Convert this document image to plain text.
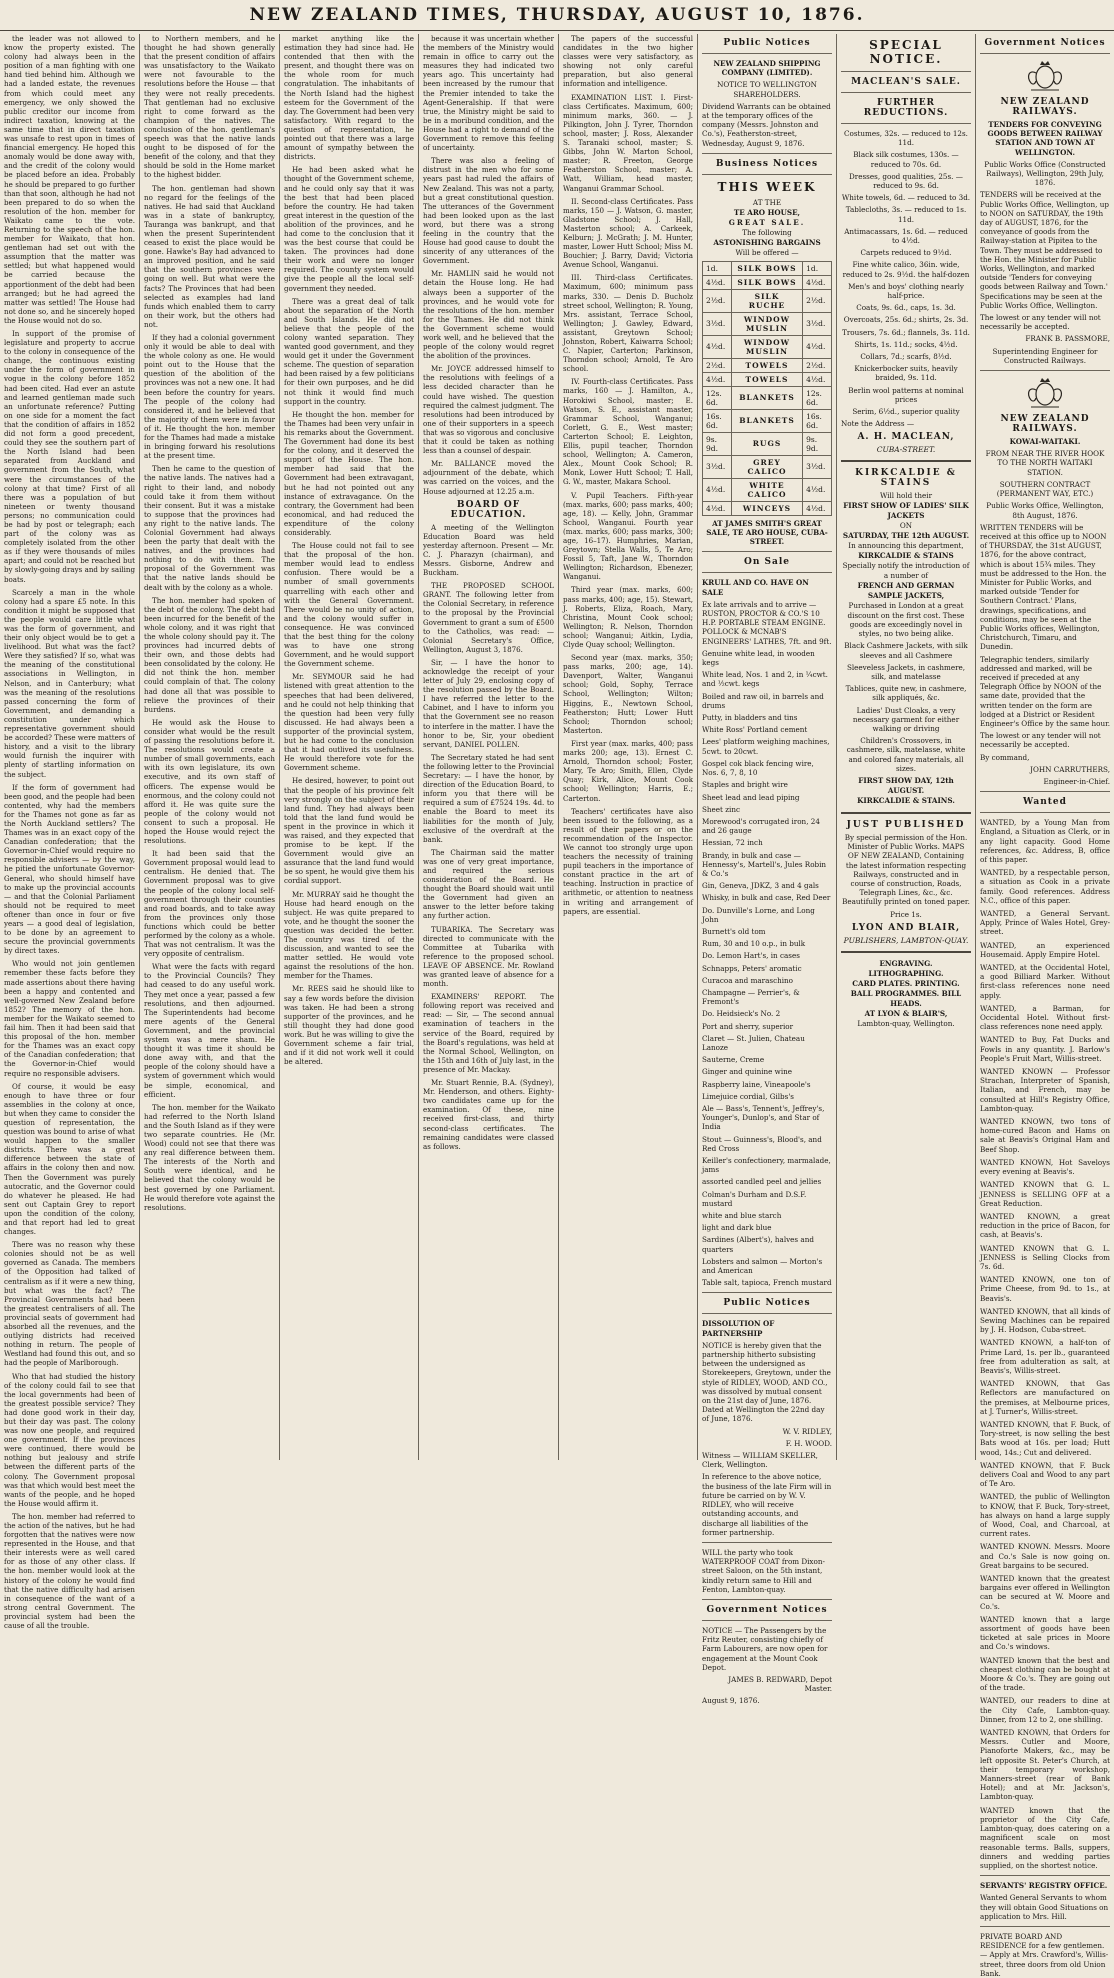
NEW ZEALAND TIMES, THURSDAY, AUGUST 10, 1876.

the leader was not allowed to know the property existed. The colony had always been in the position of a man fighting with one hand tied behind him. Although we had a landed estate, the revenues from which could meet any emergency, we only showed the public creditor our income from indirect taxation, knowing at the same time that in direct taxation was unsafe to rest upon in times of financial emergency. He hoped this anomaly would be done away with, and the credit of the colony would be placed before an idea. Probably he should be prepared to go further than that soon, although he had not been prepared to do so when the resolution of the hon. member for Waikato came to the vote. Returning to the speech of the hon. member for Waikato, that hon. gentleman had set out with the assumption that the matter was settled; but what happened would be carried because the apportionment of the debt had been arranged; but he had agreed the matter was settled! The House had not done so, and he sincerely hoped the House would not do so.

In support of the promise of legislature and property to accrue to the colony in consequence of the change, the continuous existing under the form of government in vogue in the colony before 1852 had been cited. Had ever an astute and learned gentleman made such an unfortunate reference? Putting on one side for a moment the fact that the condition of affairs in 1852 did not form a good precedent, could they see the southern part of the North Island had been separated from Auckland and government from the South, what were the circumstances of the colony at that time? First of all there was a population of but nineteen or twenty thousand persons; no communication could be had by post or telegraph; each part of the colony was as completely isolated from the other as if they were thousands of miles apart; and could not be reached but by slowly-going drays and by sailing boats.

Scarcely a man in the whole colony had a spare £5 note. In this condition it might be supposed that the people would care little what was the form of government, and their only object would be to get a livelihood. But what was the fact? Were they satisfied? If so, what was the meaning of the constitutional associations in Wellington, in Nelson, and in Canterbury; what was the meaning of the resolutions passed concerning the form of Government, and demanding a constitution under which representative government should be accorded? These were matters of history, and a visit to the library would furnish the inquirer with plenty of startling information on the subject.

If the form of government had been good, and the people had been contented, why had the members for the Thames not gone as far as the North Auckland settlers? The Thames was in an exact copy of the Canadian confederation; that the Governor-in-Chief would require no responsible advisers — by the way, he pitied the unfortunate Governor-General, who should himself have to make up the provincial accounts — and that the Colonial Parliament should not be required to meet oftener than once in four or five years — a good deal of legislation, to be done by an agreement to secure the provincial governments by direct taxes.

Who would not join gentlemen remember these facts before they made assertions about there having been a happy and contented and well-governed New Zealand before 1852? The memory of the hon. member for the Waikato seemed to fail him. Then it had been said that this proposal of the hon. member for the Thames was an exact copy of the Canadian confederation; that the Governor-in-Chief would require no responsible advisers.

Of course, it would be easy enough to have three or four assemblies in the colony at once, but when they came to consider the question of representation, the question was bound to arise of what would happen to the smaller districts. There was a great difference between the state of affairs in the colony then and now. Then the Government was purely autocratic, and the Governor could do whatever he pleased. He had sent out Captain Grey to report upon the condition of the colony, and that report had led to great changes.

There was no reason why these colonies should not be as well governed as Canada. The members of the Opposition had talked of centralism as if it were a new thing, but what was the fact? The Provincial Governments had been the greatest centralisers of all. The provincial seats of government had absorbed all the revenues, and the outlying districts had received nothing in return. The people of Westland had found this out, and so had the people of Marlborough.

Who that had studied the history of the colony could fail to see that the local governments had been of the greatest possible service? They had done good work in their day, but their day was past. The colony was now one people, and required one government. If the provinces were continued, there would be nothing but jealousy and strife between the different parts of the colony. The Government proposal was that which would best meet the wants of the people, and he hoped the House would affirm it.

The hon. member had referred to the action of the natives, but he had forgotten that the natives were now represented in the House, and that their interests were as well cared for as those of any other class. If the hon. member would look at the history of the colony he would find that the native difficulty had arisen in consequence of the want of a strong central Government. The provincial system had been the cause of all the trouble.

to Northern members, and he thought he had shown generally that the present condition of affairs was unsatisfactory to the Waikato were not favourable to the resolutions before the House — that they were not really precedents. That gentleman had no exclusive right to come forward as the champion of the natives. The conclusion of the hon. gentleman's speech was that the native lands ought to be disposed of for the benefit of the colony, and that they should be sold in the Home market to the highest bidder.

The hon. gentleman had shown no regard for the feelings of the natives. He had said that Auckland was in a state of bankruptcy, Tauranga was bankrupt, and that when the present Superintendent ceased to exist the place would be gone. Hawke's Bay had advanced to an improved position, and he said that the southern provinces were going on well. But what were the facts? The Provinces that had been selected as examples had land funds which enabled them to carry on their work, but the others had not.

If they had a colonial government only it would be able to deal with the whole colony as one. He would point out to the House that the question of the abolition of the provinces was not a new one. It had been before the country for years. The people of the colony had considered it, and he believed that the majority of them were in favour of it. He thought the hon. member for the Thames had made a mistake in bringing forward his resolutions at the present time.

Then he came to the question of the native lands. The natives had a right to their land, and nobody could take it from them without their consent. But it was a mistake to suppose that the provinces had any right to the native lands. The Colonial Government had always been the party that dealt with the natives, and the provinces had nothing to do with them. The proposal of the Government was that the native lands should be dealt with by the colony as a whole.

The hon. member had spoken of the debt of the colony. The debt had been incurred for the benefit of the whole colony, and it was right that the whole colony should pay it. The provinces had incurred debts of their own, and those debts had been consolidated by the colony. He did not think the hon. member could complain of that. The colony had done all that was possible to relieve the provinces of their burdens.

He would ask the House to consider what would be the result of passing the resolutions before it. The resolutions would create a number of small governments, each with its own legislature, its own executive, and its own staff of officers. The expense would be enormous, and the colony could not afford it. He was quite sure the people of the colony would not consent to such a proposal. He hoped the House would reject the resolutions.

It had been said that the Government proposal would lead to centralism. He denied that. The Government proposal was to give the people of the colony local self-government through their counties and road boards, and to take away from the provinces only those functions which could be better performed by the colony as a whole. That was not centralism. It was the very opposite of centralism.

What were the facts with regard to the Provincial Councils? They had ceased to do any useful work. They met once a year, passed a few resolutions, and then adjourned. The Superintendents had become mere agents of the General Government, and the provincial system was a mere sham. He thought it was time it should be done away with, and that the people of the colony should have a system of government which would be simple, economical, and efficient.

The hon. member for the Waikato had referred to the North Island and the South Island as if they were two separate countries. He (Mr. Wood) could not see that there was any real difference between them. The interests of the North and South were identical, and he believed that the colony would be best governed by one Parliament. He would therefore vote against the resolutions.

market anything like the estimation they had since had. He contended that then with the present, and thought there was on the whole room for much congratulation. The inhabitants of the North Island had the highest esteem for the Government of the day. The Government had been very satisfactory. With regard to the question of representation, he pointed out that there was a large amount of sympathy between the districts.

He had been asked what he thought of the Government scheme, and he could only say that it was the best that had been placed before the country. He had taken great interest in the question of the abolition of the provinces, and he had come to the conclusion that it was the best course that could be taken. The provinces had done their work and were no longer required. The county system would give the people all the local self-government they needed.

There was a great deal of talk about the separation of the North and South Islands. He did not believe that the people of the colony wanted separation. They wanted good government, and they would get it under the Government scheme. The question of separation had been raised by a few politicians for their own purposes, and he did not think it would find much support in the country.

He thought the hon. member for the Thames had been very unfair in his remarks about the Government. The Government had done its best for the colony, and it deserved the support of the House. The hon. member had said that the Government had been extravagant, but he had not pointed out any instance of extravagance. On the contrary, the Government had been economical, and had reduced the expenditure of the colony considerably.

The House could not fail to see that the proposal of the hon. member would lead to endless confusion. There would be a number of small governments quarrelling with each other and with the General Government. There would be no unity of action, and the colony would suffer in consequence. He was convinced that the best thing for the colony was to have one strong Government, and he would support the Government scheme.

Mr. SEYMOUR said he had listened with great attention to the speeches that had been delivered, and he could not help thinking that the question had been very fully discussed. He had always been a supporter of the provincial system, but he had come to the conclusion that it had outlived its usefulness. He would therefore vote for the Government scheme.

He desired, however, to point out that the people of his province felt very strongly on the subject of their land fund. They had always been told that the land fund would be spent in the province in which it was raised, and they expected that promise to be kept. If the Government would give an assurance that the land fund would be so spent, he would give them his cordial support.

Mr. MURRAY said he thought the House had heard enough on the subject. He was quite prepared to vote, and he thought the sooner the question was decided the better. The country was tired of the discussion, and wanted to see the matter settled. He would vote against the resolutions of the hon. member for the Thames.

Mr. REES said he should like to say a few words before the division was taken. He had been a strong supporter of the provinces, and he still thought they had done good work. But he was willing to give the Government scheme a fair trial, and if it did not work well it could be altered.

because it was uncertain whether the members of the Ministry would remain in office to carry out the measures they had indicated two years ago. This uncertainty had been increased by the rumour that the Premier intended to take the Agent-Generalship. If that were true, the Ministry might be said to be in a moribund condition, and the House had a right to demand of the Government to remove this feeling of uncertainty.

There was also a feeling of distrust in the men who for some years past had ruled the affairs of New Zealand. This was not a party, but a great constitutional question. The utterances of the Government had been looked upon as the last word, but there was a strong feeling in the country that the House had good cause to doubt the sincerity of any utterances of the Government.

Mr. HAMLIN said he would not detain the House long. He had always been a supporter of the provinces, and he would vote for the resolutions of the hon. member for the Thames. He did not think the Government scheme would work well, and he believed that the people of the colony would regret the abolition of the provinces.

Mr. JOYCE addressed himself to the resolutions with feelings of a less decided character than he could have wished. The question required the calmest judgment. The resolutions had been introduced by one of their supporters in a speech that was so vigorous and conclusive that it could be taken as nothing less than a counsel of despair.

Mr. BALLANCE moved the adjournment of the debate, which was carried on the voices, and the House adjourned at 12.25 a.m.

BOARD OF EDUCATION.

A meeting of the Wellington Education Board was held yesterday afternoon. Present — Mr. C. J. Pharazyn (chairman), and Messrs. Gisborne, Andrew and Buckham.

THE PROPOSED SCHOOL GRANT. The following letter from the Colonial Secretary, in reference to the proposal by the Provincial Government to grant a sum of £500 to the Catholics, was read: — Colonial Secretary's Office, Wellington, August 3, 1876.

Sir, — I have the honor to acknowledge the receipt of your letter of July 29, enclosing copy of the resolution passed by the Board. I have referred the letter to the Cabinet, and I have to inform you that the Government see no reason to interfere in the matter. I have the honor to be, Sir, your obedient servant, DANIEL POLLEN.

The Secretary stated he had sent the following letter to the Provincial Secretary: — I have the honor, by direction of the Education Board, to inform you that there will be required a sum of £7524 19s. 4d. to enable the Board to meet its liabilities for the month of July, exclusive of the overdraft at the bank.

The Chairman said the matter was one of very great importance, and required the serious consideration of the Board. He thought the Board should wait until the Government had given an answer to the letter before taking any further action.

TUBARIKA. The Secretary was directed to communicate with the Committee at Tubarika with reference to the proposed school. LEAVE OF ABSENCE. Mr. Rowland was granted leave of absence for a month.

EXAMINERS' REPORT. The following report was received and read: — Sir, — The second annual examination of teachers in the service of the Board, required by the Board's regulations, was held at the Normal School, Wellington, on the 15th and 16th of July last, in the presence of Mr. Mackay.

Mr. Stuart Rennie, B.A. (Sydney), Mr. Henderson, and others. Eighty-two candidates came up for the examination. Of these, nine received first-class, and thirty second-class certificates. The remaining candidates were classed as follows.

The papers of the successful candidates in the two higher classes were very satisfactory, as showing not only careful preparation, but also general information and intelligence.

EXAMINATION LIST. I. First-class Certificates. Maximum, 600; minimum marks, 360. — J. Pilkington, John J. Tyrer, Thorndon school, master; J. Ross, Alexander S. Taranaki school, master; S. Gibbs, John W. Marton School, master; R. Freeton, George Featherston School, master; A. Watt, William, head master, Wanganui Grammar School.

II. Second-class Certificates. Pass marks, 150 — J. Watson, G. master, Gladstone School; J. Hall, Masterton school; A. Carkeek, Kelburn; J. McGrath; J. M. Hunter, master, Lower Hutt School; Miss M. Bouchier; J. Barry, David; Victoria Avenue School, Wanganui.

III. Third-class Certificates. Maximum, 600; minimum pass marks, 330. — Denis D. Bucholz street school, Wellington; R. Young, Mrs. assistant, Terrace School, Wellington; J. Gawley, Edward, assistant, Greytown School; Johnston, Robert, Kaiwarra School; C. Napier, Carterton; Parkinson, Thorndon school; Arnold, Te Aro school.

IV. Fourth-class Certificates. Pass marks, 160 — J. Hamilton, A., Horokiwi School, master; E. Watson, S. E., assistant master, Grammar School, Wanganui; Corlett, G. E., West master; Carterton School; E. Leighton, Ellis, pupil teacher, Thorndon school, Wellington; A. Cameron, Alex., Mount Cook School; R. Monk, Lower Hutt School; T. Hall, G. W., master, Makara School.

V. Pupil Teachers. Fifth-year (max. marks, 600; pass marks, 400; age, 18). — Kelly, John, Grammar School, Wanganui. Fourth year (max. marks, 600; pass marks, 300; age, 16–17). Humphries, Marian, Greytown; Stella Walls, 5, Te Aro; Fossil 5, Taft, Jane W., Thorndon Wellington; Richardson, Ebenezer, Wanganui.

Third year (max. marks, 600; pass marks, 400; age, 15). Stewart, J. Roberts, Eliza, Roach, Mary, Christina, Mount Cook school; Wellington; R. Nelson, Thorndon school; Wanganui; Aitkin, Lydia, Clyde Quay school; Wellington.

Second year (max. marks, 350; pass marks, 200; age, 14). Davenport, Walter, Wanganui school; Gold, Sophy, Terrace School, Wellington; Wilton; Higgins, E., Newtown School, Featherston; Hutt; Lower Hutt School; Thorndon school; Masterton.

First year (max. marks, 400; pass marks 200; age, 13). Ernest C. Arnold, Thorndon school; Foster, Mary, Te Aro; Smith, Ellen, Clyde Quay; Kirk, Alice, Mount Cook school; Wellington; Harris, E.; Carterton.

Teachers' certificates have also been issued to the following, as a result of their papers or on the recommendation of the Inspector. We cannot too strongly urge upon teachers the necessity of training pupil teachers in the importance of constant practice in the art of teaching. Instruction in practice of arithmetic, or attention to neatness in writing and arrangement of papers, are essential.

Public Notices
NEW ZEALAND SHIPPING COMPANY (LIMITED).
NOTICE TO WELLINGTON SHAREHOLDERS.
Dividend Warrants can be obtained at the temporary offices of the company (Messrs. Johnston and Co.'s), Featherston-street, Wednesday, August 9, 1876.
Business Notices
THIS WEEK
AT THE
TE ARO HOUSE,
GREAT SALE.
The following
ASTONISHING BARGAINS
Will be offered —
1d.	SILK BOWS	1d.
4½d.	SILK BOWS	4½d.
2½d.	SILK RUCHE	2½d.
3½d.	WINDOW MUSLIN	3½d.
4½d.	WINDOW MUSLIN	4½d.
2½d.	TOWELS	2½d.
4½d.	TOWELS	4½d.
12s. 6d.	BLANKETS	12s. 6d.
16s. 6d.	BLANKETS	16s. 6d.
9s. 9d.	RUGS	9s. 9d.
3½d.	GREY CALICO	3½d.
4½d.	WHITE CALICO	4½d.
4½d.	WINCEYS	4½d.
AT JAMES SMITH'S GREAT SALE, TE ARO HOUSE, CUBA-STREET.
On Sale
KRULL AND CO. HAVE ON SALE
Ex late arrivals and to arrive — RUSTON, PROCTOR & CO.'S 10 H.P. PORTABLE STEAM ENGINE. POLLOCK & MCNAB'S ENGINEERS' LATHES, 7ft. and 9ft.
Genuine white lead, in wooden kegs
White lead, Nos. 1 and 2, in ¼cwt. and ½cwt. kegs
Boiled and raw oil, in barrels and drums
Putty, in bladders and tins
White Ross' Portland cement
Lees' platform weighing machines, 5cwt. to 20cwt.
Gospel cok black fencing wire, Nos. 6, 7, 8, 10
Staples and bright wire
Sheet lead and lead piping
Sheet zinc
Morewood's corrugated iron, 24 and 26 gauge
Hessian, 72 inch
Brandy, in bulk and case — Hennessy's, Martell's, Jules Robin & Co.'s
Gin, Geneva, JDKZ, 3 and 4 gals
Whisky, in bulk and case, Red Deer
Do. Dunville's Lorne, and Long John
Burnett's old tom
Rum, 30 and 10 o.p., in bulk
Do. Lemon Hart's, in cases
Schnapps, Peters' aromatic
Curacoa and maraschino
Champagne — Perrier's, & Fremont's
Do. Heidsieck's No. 2
Port and sherry, superior
Claret — St. Julien, Chateau Lanoze
Sauterne, Creme
Ginger and quinine wine
Raspberry laine, Vineapoole's
Limejuice cordial, Gilbs's
Ale — Bass's, Tennent's, Jeffrey's, Younger's, Dunlop's, and Star of India
Stout — Guinness's, Blood's, and Red Cross
Keiller's confectionery, marmalade, jams
assorted candled peel and jellies
Colman's Durham and D.S.F. mustard
white and blue starch
light and dark blue
Sardines (Albert's), halves and quarters
Lobsters and salmon — Morton's and American
Table salt, tapioca, French mustard
Public Notices
DISSOLUTION OF PARTNERSHIP
NOTICE is hereby given that the partnership hitherto subsisting between the undersigned as Storekeepers, Greytown, under the style of RIDLEY, WOOD, AND CO., was dissolved by mutual consent on the 21st day of June, 1876. Dated at Wellington the 22nd day of June, 1876.
W. V. RIDLEY,
F. H. WOOD.
Witness — WILLIAM SKELLER, Clerk, Wellington.
In reference to the above notice, the business of the late Firm will in future be carried on by W. V. RIDLEY, who will receive outstanding accounts, and discharge all liabilities of the former partnership.
WILL the party who took WATERPROOF COAT from Dixon-street Saloon, on the 5th instant, kindly return same to Hill and Fenton, Lambton-quay.
Government Notices
NOTICE — The Passengers by the Fritz Reuter, consisting chiefly of Farm Labourers, are now open for engagement at the Mount Cook Depot.
JAMES B. REDWARD, Depot Master.
August 9, 1876.
SPECIAL NOTICE.
MACLEAN'S SALE.
FURTHER REDUCTIONS.
Costumes, 32s. — reduced to 12s. 11d.
Black silk costumes, 130s. — reduced to 70s. 6d.
Dresses, good qualities, 25s. — reduced to 9s. 6d.
White towels, 6d. — reduced to 3d.
Tablecloths, 3s. — reduced to 1s. 11d.
Antimacassars, 1s. 6d. — reduced to 4½d.
Carpets reduced to 9½d.
Fine white calico, 36in. wide, reduced to 2s. 9½d. the half-dozen
Men's and boys' clothing nearly half-price.
Coats, 9s. 6d., caps, 1s. 3d.
Overcoats, 25s. 6d.; shirts, 2s. 3d.
Trousers, 7s. 6d.; flannels, 3s. 11d.
Shirts, 1s. 11d.; socks, 4½d.
Collars, 7d.; scarfs, 8½d.
Knickerbocker suits, heavily braided, 9s. 11d.
Berlin wool patterns at nominal prices
Serim, 6½d., superior quality
Note the Address —
A. H. MACLEAN,
CUBA-STREET.
KIRKCALDIE & STAINS
Will hold their
FIRST SHOW OF LADIES' SILK JACKETS
ON
SATURDAY, THE 12th AUGUST.
In announcing this department,
KIRKCALDIE & STAINS
Specially notify the introduction of a number of
FRENCH AND GERMAN SAMPLE JACKETS,
Purchased in London at a great discount on the first cost. These goods are exceedingly novel in styles, no two being alike.
Black Cashmere Jackets, with silk sleeves and all Cashmere
Sleeveless Jackets, in cashmere, silk, and matelasse
Tablices, quite new, in cashmere, silk appliqués, &c.
Ladies' Dust Cloaks, a very necessary garment for either walking or driving
Children's Crossovers, in cashmere, silk, matelasse, white and colored fancy materials, all sizes.
FIRST SHOW DAY, 12th AUGUST.
KIRKCALDIE & STAINS.
JUST PUBLISHED
By special permission of the Hon. Minister of Public Works. MAPS OF NEW ZEALAND, Containing the latest information respecting Railways, constructed and in course of construction, Roads, Telegraph Lines, &c., &c. Beautifully printed on toned paper.
Price 1s.
LYON AND BLAIR,
PUBLISHERS, LAMBTON-QUAY.
ENGRAVING. LITHOGRAPHING.
CARD PLATES. PRINTING.
BALL PROGRAMMES. BILL HEADS.
AT LYON & BLAIR'S,
Lambton-quay, Wellington.
Government Notices
NEW ZEALAND RAILWAYS.
TENDERS FOR CONVEYING GOODS BETWEEN RAILWAY STATION AND TOWN AT WELLINGTON.
Public Works Office (Constructed Railways), Wellington, 29th July, 1876.
TENDERS will be received at the Public Works Office, Wellington, up to NOON on SATURDAY, the 19th day of AUGUST, 1876, for the conveyance of goods from the Railway-station at Pipitea to the Town. They must be addressed to the Hon. the Minister for Public Works, Wellington, and marked outside 'Tenders for conveying goods between Railway and Town.' Specifications may be seen at the Public Works Office, Wellington.
The lowest or any tender will not necessarily be accepted.
FRANK B. PASSMORE,
Superintending Engineer for Constructed Railways.
NEW ZEALAND RAILWAYS.
KOWAI-WAITAKI.
FROM NEAR THE RIVER HOOK TO THE NORTH WAITAKI STATION.
SOUTHERN CONTRACT (PERMANENT WAY, ETC.)
Public Works Office, Wellington, 8th August, 1876.
WRITTEN TENDERS will be received at this office up to NOON of THURSDAY, the 31st AUGUST, 1876, for the above contract, which is about 15¾ miles. They must be addressed to the Hon. the Minister for Public Works, and marked outside 'Tender for Southern Contract.' Plans, drawings, specifications, and conditions, may be seen at the Public Works offices, Wellington, Christchurch, Timaru, and Dunedin.
Telegraphic tenders, similarly addressed and marked, will be received if preceded at any Telegraph Office by NOON of the same date, provided that the written tender on the form are lodged at a District or Resident Engineer's Office by the same hour.
The lowest or any tender will not necessarily be accepted.
By command,
JOHN CARRUTHERS,
Engineer-in-Chief.
Wanted
WANTED, by a Young Man from England, a Situation as Clerk, or in any light capacity. Good Home references, &c. Address, B, office of this paper.
WANTED, by a respectable person, a situation as Cook in a private family. Good references. Address N.C., office of this paper.
WANTED, a General Servant. Apply, Prince of Wales Hotel, Grey-street.
WANTED, an experienced Housemaid. Apply Empire Hotel.
WANTED, at the Occidental Hotel, a good Billiard Marker. Without first-class references none need apply.
WANTED, a Barman, for Occidental Hotel. Without first-class references none need apply.
WANTED to Buy, Fat Ducks and Fowls in any quantity. J. Barlow's People's Fruit Mart, Willis-street.
WANTED KNOWN — Professor Strachan, Interpreter of Spanish, Italian, and French, may be consulted at Hill's Registry Office, Lambton-quay.
WANTED KNOWN, two tons of home-cured Bacon and Hams on sale at Beavis's Original Ham and Beef Shop.
WANTED KNOWN, Hot Saveloys every evening at Beavis's.
WANTED KNOWN that G. L. JENNESS is SELLING OFF at a Great Reduction.
WANTED KNOWN, a great reduction in the price of Bacon, for cash, at Beavis's.
WANTED KNOWN that G. L. JENNESS is Selling Clocks from 7s. 6d.
WANTED KNOWN, one ton of Prime Cheese, from 9d. to 1s., at Beavis's.
WANTED KNOWN, that all kinds of Sewing Machines can be repaired by J. H. Hodson, Cuba-street.
WANTED KNOWN, a half-ton of Prime Lard, 1s. per lb., guaranteed free from adulteration as salt, at Beavis's, Willis-street.
WANTED KNOWN, that Gas Reflectors are manufactured on the premises, at Melbourne prices, at J. Turner's, Willis-street.
WANTED KNOWN, that F. Buck, of Tory-street, is now selling the best Bats wood at 16s. per load; Hutt wood, 14s.; Cut and delivered.
WANTED KNOWN, that F. Buck delivers Coal and Wood to any part of Te Aro.
WANTED, the public of Wellington to KNOW, that F. Buck, Tory-street, has always on hand a large supply of Wood, Coal, and Charcoal, at current rates.
WANTED KNOWN. Messrs. Moore and Co.'s Sale is now going on. Great bargains to be secured.
WANTED known that the greatest bargains ever offered in Wellington can be secured at W. Moore and Co.'s.
WANTED known that a large assortment of goods have been ticketed at sale prices in Moore and Co.'s windows.
WANTED known that the best and cheapest clothing can be bought at Moore & Co.'s. They are going out of the trade.
WANTED, our readers to dine at the City Cafe, Lambton-quay. Dinner, from 12 to 2, one shilling.
WANTED KNOWN, that Orders for Messrs. Cutler and Moore, Pianoforte Makers, &c., may be left opposite St. Peter's Church, at their temporary workshop, Manners-street (rear of Bank Hotel); and at Mr. Jackson's, Lambton-quay.
WANTED known that the proprietor of the City Cafe, Lambton-quay, does catering on a magnificent scale on most reasonable terms. Balls, suppers, dinners and wedding parties supplied, on the shortest notice.
SERVANTS' REGISTRY OFFICE.
Wanted General Servants to whom they will obtain Good Situations on application to Mrs. Hill.
PRIVATE BOARD AND RESIDENCE for a few gentlemen. — Apply at Mrs. Crawford's, Willis-street, three doors from old Union Bank.
